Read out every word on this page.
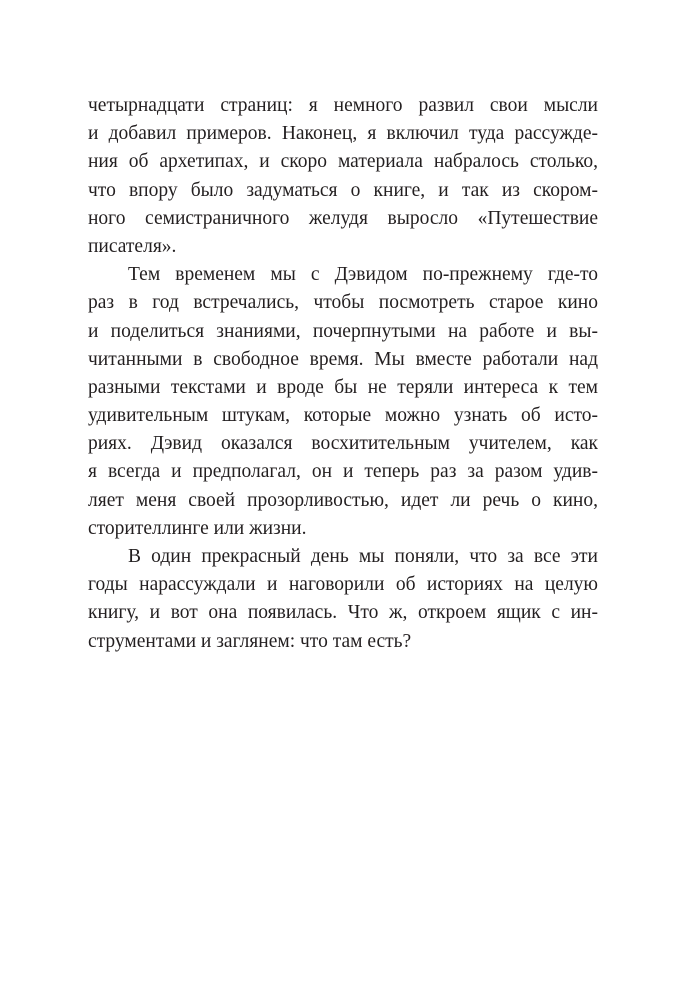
четырнадцати страниц: я немного развил свои мысли
и добавил примеров. Наконец, я включил туда рассужде-
ния об архетипах, и скоро материала набралось столько,
что впору было задуматься о книге, и так из скором-
ного семистраничного желудя выросло «Путешествие
писателя».
Тем временем мы с Дэвидом по-прежнему где-то
раз в год встречались, чтобы посмотреть старое кино
и поделиться знаниями, почерпнутыми на работе и вы-
читанными в свободное время. Мы вместе работали над
разными текстами и вроде бы не теряли интереса к тем
удивительным штукам, которые можно узнать об исто-
риях. Дэвид оказался восхитительным учителем, как
я всегда и предполагал, он и теперь раз за разом удив-
ляет меня своей прозорливостью, идет ли речь о кино,
сторителлинге или жизни.
В один прекрасный день мы поняли, что за все эти
годы нарассуждали и наговорили об историях на целую
книгу, и вот она появилась. Что ж, откроем ящик с ин-
струментами и заглянем: что там есть?
